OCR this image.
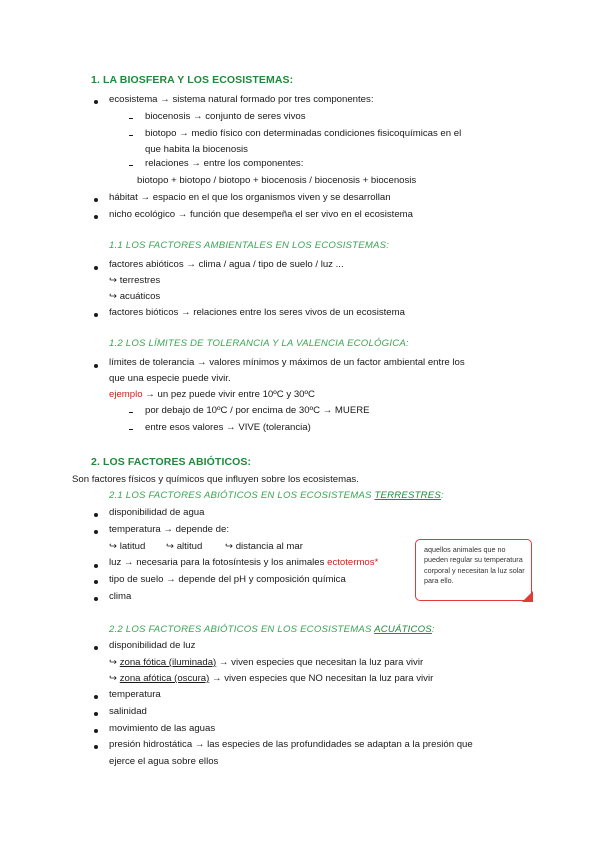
1. LA BIOSFERA Y LOS ECOSISTEMAS:
ecosistema → sistema natural formado por tres componentes:
biocenosis → conjunto de seres vivos
biotopo → medio físico con determinadas condiciones fisicoquímicas en el
que habita la biocenosis
relaciones → entre los componentes:
biotopo + biotopo / biotopo + biocenosis / biocenosis + biocenosis
hábitat → espacio en el que los organismos viven y se desarrollan
nicho ecológico → función que desempeña el ser vivo en el ecosistema
1.1 LOS FACTORES AMBIENTALES EN LOS ECOSISTEMAS:
factores abióticos → clima / agua / tipo de suelo / luz ...
↪ terrestres
↪ acuáticos
factores bióticos → relaciones entre los seres vivos de un ecosistema
1.2 LOS LÍMITES DE TOLERANCIA Y LA VALENCIA ECOLÓGICA:
límites de tolerancia → valores mínimos y máximos de un factor ambiental entre los
que una especie puede vivir.
ejemplo → un pez puede vivir entre 10ºC y 30ºC
por debajo de 10ºC / por encima de 30ºC → MUERE
entre esos valores → VIVE (tolerancia)
2. LOS FACTORES ABIÓTICOS:
Son factores físicos y químicos que influyen sobre los ecosistemas.
2.1 LOS FACTORES ABIÓTICOS EN LOS ECOSISTEMAS TERRESTRES:
disponibilidad de agua
temperatura → depende de:
↪ latitud ↪ altitud ↪ distancia al mar
luz → necesaria para la fotosíntesis y los animales ectotermos*
tipo de suelo → depende del pH y composición química
clima
aquellos animales que no pueden regular su temperatura corporal y necesitan la luz solar para ello.
2.2 LOS FACTORES ABIÓTICOS EN LOS ECOSISTEMAS ACUÁTICOS:
disponibilidad de luz
↪ zona fótica (iluminada) → viven especies que necesitan la luz para vivir
↪ zona afótica (oscura) → viven especies que NO necesitan la luz para vivir
temperatura
salinidad
movimiento de las aguas
presión hidrostática → las especies de las profundidades se adaptan a la presión que
ejerce el agua sobre ellos
